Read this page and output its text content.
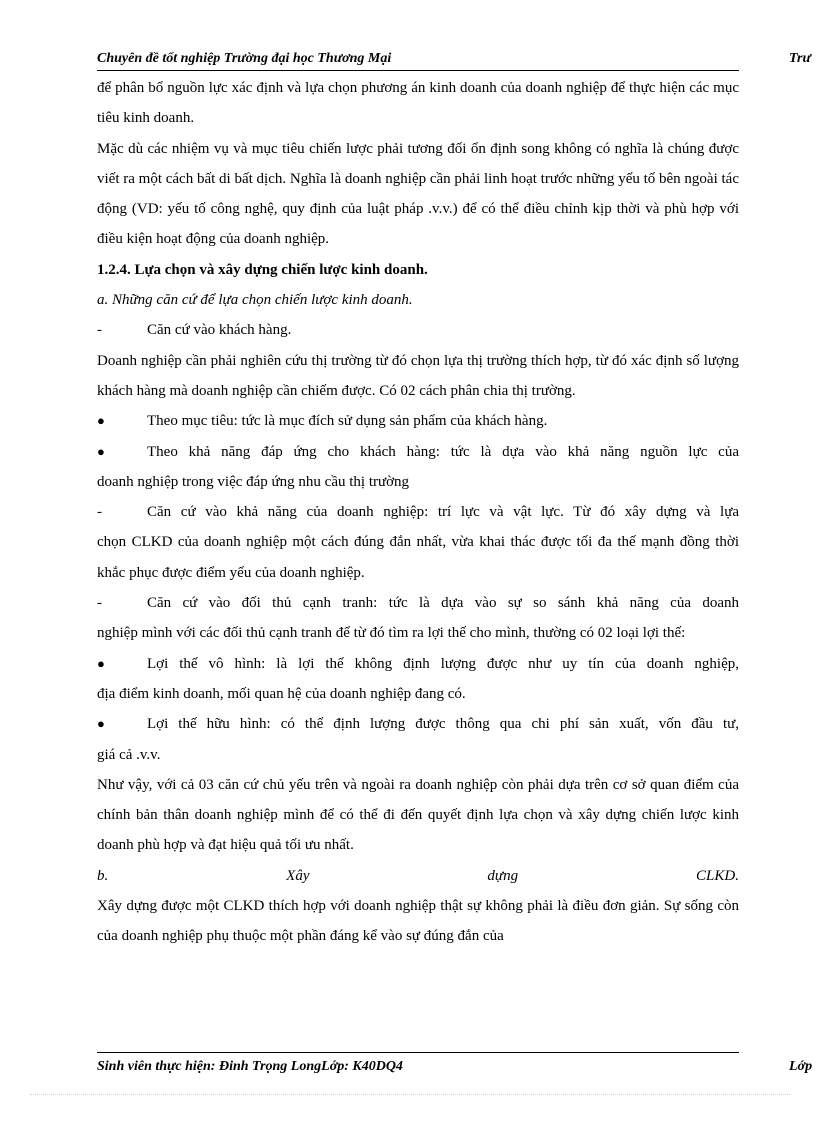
Chuyên đề tốt nghiệp Trường đại học Thương Mại	Trư

để phân bổ nguồn lực xác định và lựa chọn phương án kinh doanh của doanh nghiệp để thực hiện các mục tiêu kinh doanh.

Mặc dù các nhiệm vụ và mục tiêu chiến lược phải tương đối ổn định song không có nghĩa là chúng được viết ra một cách bất di bất dịch. Nghĩa là doanh nghiệp cần phải linh hoạt trước những yếu tố bên ngoài tác động (VD: yếu tố công nghệ, quy định của luật pháp .v.v.) để có thể điều chỉnh kịp thời và phù hợp với điều kiện hoạt động của doanh nghiệp.

1.2.4. Lựa chọn và xây dựng chiến lược kinh doanh.

a. Những căn cứ để lựa chọn chiến lược kinh doanh.

-	Căn cứ vào khách hàng.

Doanh nghiệp cần phải nghiên cứu thị trường từ đó chọn lựa thị trường thích hợp, từ đó xác định số lượng khách hàng mà doanh nghiệp cần chiếm được. Có 02 cách phân chia thị trường.

●	Theo mục tiêu: tức là mục đích sử dụng sản phẩm của khách hàng.
●	Theo khả năng đáp ứng cho khách hàng: tức là dựa vào khả năng nguồn lực của

doanh nghiệp trong việc đáp ứng nhu cầu thị trường

-	Căn cứ vào khả năng của doanh nghiệp: trí lực và vật lực. Từ đó xây dựng và lựa

chọn CLKD của doanh nghiệp một cách đúng đắn nhất, vừa khai thác được tối đa thế mạnh đồng thời khắc phục được điểm yếu của doanh nghiệp.

-	Căn cứ vào đối thủ cạnh tranh: tức là dựa vào sự so sánh khả năng của doanh

nghiệp mình với các đối thủ cạnh tranh để từ đó tìm ra lợi thế cho mình, thường có 02 loại lợi thế:

●	Lợi thế vô hình: là lợi thế không định lượng được như uy tín của doanh nghiệp,

địa điểm kinh doanh, mối quan hệ của doanh nghiệp đang có.

●	Lợi thế hữu hình: có thể định lượng được thông qua chi phí sản xuất, vốn đầu tư,

giá cả .v.v.

Như vậy, với cả 03 căn cứ chủ yếu trên và ngoài ra doanh nghiệp còn phải dựa trên cơ sở quan điểm của chính bản thân doanh nghiệp mình để có thể đi đến quyết định lựa chọn và xây dựng chiến lược kinh doanh phù hợp và đạt hiệu quả tối ưu nhất.

b.	Xây	dựng	CLKD.

Xây dựng được một CLKD thích hợp với doanh nghiệp thật sự không phải là điều đơn giản. Sự sống còn của doanh nghiệp phụ thuộc một phần đáng kể vào sự đúng đắn của

Sinh viên thực hiện: Đinh Trọng LongLớp: K40DQ4	Lớp
